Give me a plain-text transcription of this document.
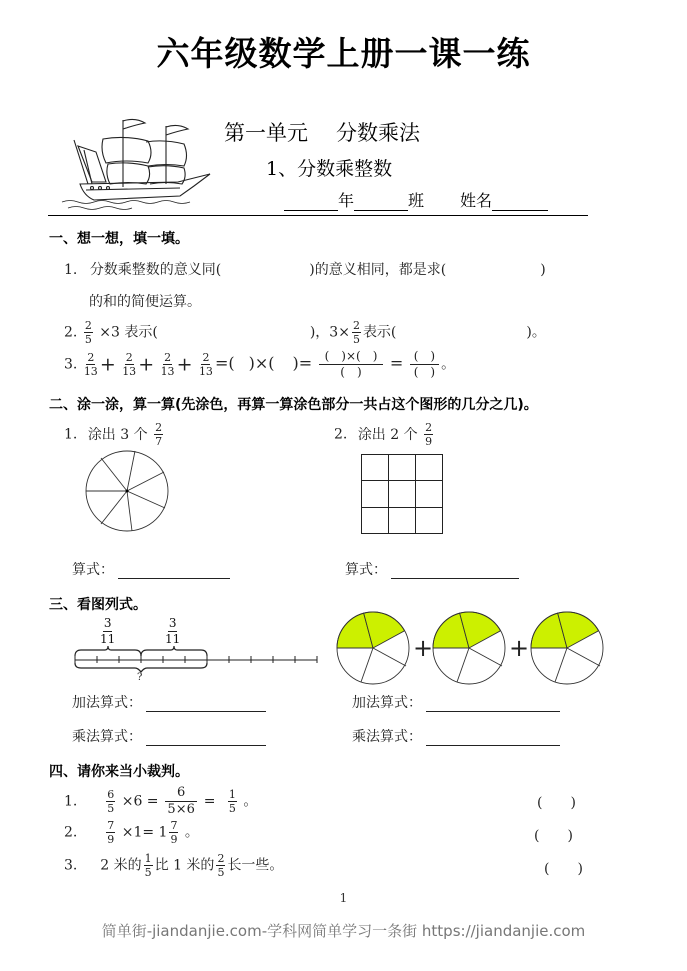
六年级数学上册一课一练
第一单元 分数乘法
1、分数乘整数
年	班 姓名
一、想一想，填一填。
1. 分数乘整数的意义同(	)的意义相同，都是求(	)
的和的简便运算。
2. $\frac{2}{5} \times 3$ 表示(	)，$3\times \frac{2}{5}$ 表示(	)。
3. $\frac{2}{13} + \frac{2}{13} + \frac{2}{13} + \frac{2}{13}$ =( )×( )= $\frac{( )\times( )}{( )} = \frac{( )}{( )}$ 。
二、涂一涂，算一算(先涂色，再算一算涂色部分一共占这个图形的几分之几)。
1. 涂出 3 个 $\frac{2}{7}$	2. 涂出 2 个 $\frac{2}{9}$
算式：	算式：
三、看图列式。
$\frac{3}{11}$	$\frac{3}{11}$
?
+	+
加法算式：
乘法算式：
加法算式：
乘法算式：
四、请你来当小裁判。
1.	$\frac{6}{5} \times 6 = \frac{6}{5\times 6} = \frac{1}{5}$ 。	(　　)
2.	$\frac{7}{9} \times 1= 1 \frac{7}{9}$ 。	(　　)
3. 2 米的 $\frac{1}{5}$ 比 1 米的 $\frac{2}{5}$ 长一些。	(　　)
1
简单街-jiandanjie.com-学科网简单学习一条街 https://jiandanjie.com
